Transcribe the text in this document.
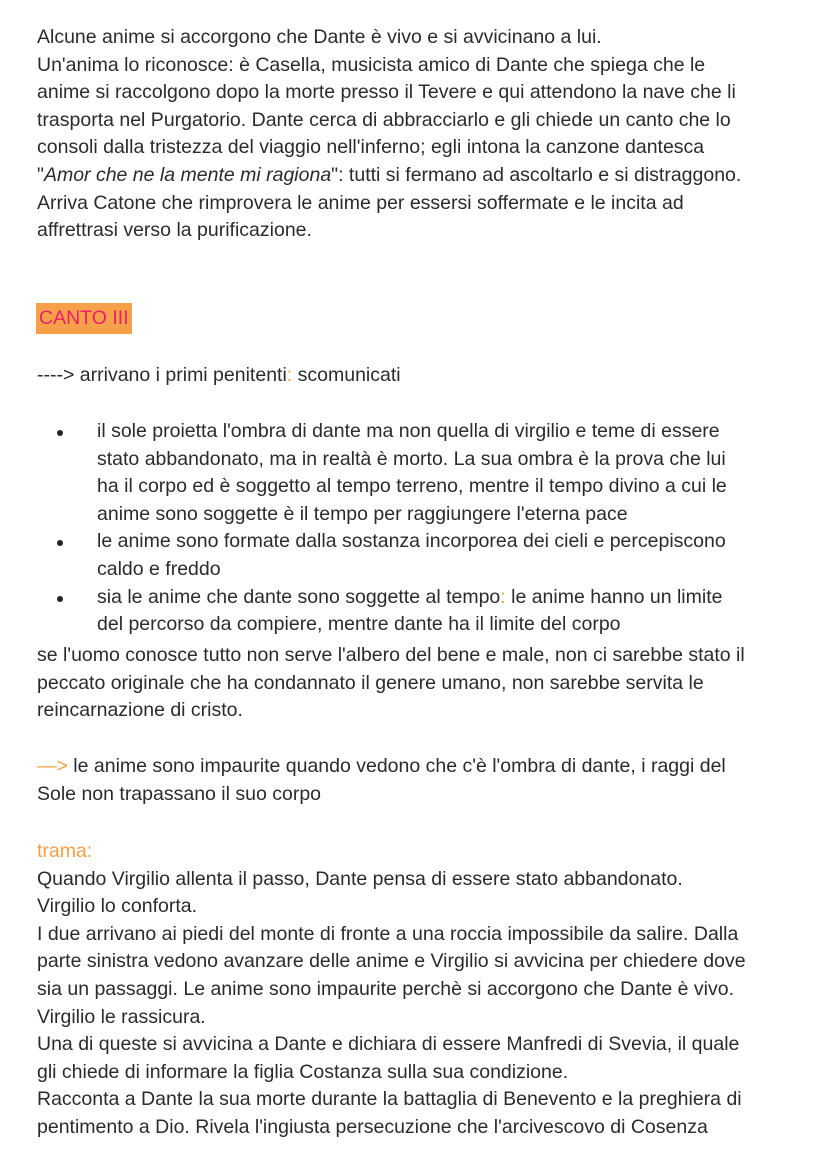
Alcune anime si accorgono che Dante è vivo e si avvicinano a lui.
Un'anima lo riconosce: è Casella, musicista amico di Dante che spiega che le
anime si raccolgono dopo la morte presso il Tevere e qui attendono la nave che li
trasporta nel Purgatorio. Dante cerca di abbracciarlo e gli chiede un canto che lo
consoli dalla tristezza del viaggio nell'inferno; egli intona la canzone dantesca
"Amor che ne la mente mi ragiona": tutti si fermano ad ascoltarlo e si distraggono.
Arriva Catone che rimprovera le anime per essersi soffermate e le incita ad
affrettrasi verso la purificazione.
CANTO III
----> arrivano i primi penitenti: scomunicati
il sole proietta l'ombra di dante ma non quella di virgilio e teme di essere
stato abbandonato, ma in realtà è morto. La sua ombra è la prova che lui
ha il corpo ed è soggetto al tempo terreno, mentre il tempo divino a cui le
anime sono soggette è il tempo per raggiungere l'eterna pace
le anime sono formate dalla sostanza incorporea dei cieli e percepiscono
caldo e freddo
sia le anime che dante sono soggette al tempo: le anime hanno un limite
del percorso da compiere, mentre dante ha il limite del corpo
se l'uomo conosce tutto non serve l'albero del bene e male, non ci sarebbe stato il
peccato originale che ha condannato il genere umano, non sarebbe servita le
reincarnazione di cristo.
—> le anime sono impaurite quando vedono che c'è l'ombra di dante, i raggi del
Sole non trapassano il suo corpo
trama:
Quando Virgilio allenta il passo, Dante pensa di essere stato abbandonato.
Virgilio lo conforta.
I due arrivano ai piedi del monte di fronte a una roccia impossibile da salire. Dalla
parte sinistra vedono avanzare delle anime e Virgilio si avvicina per chiedere dove
sia un passaggi. Le anime sono impaurite perchè si accorgono che Dante è vivo.
Virgilio le rassicura.
Una di queste si avvicina a Dante e dichiara di essere Manfredi di Svevia, il quale
gli chiede di informare la figlia Costanza sulla sua condizione.
Racconta a Dante la sua morte durante la battaglia di Benevento e la preghiera di
pentimento a Dio. Rivela l'ingiusta persecuzione che l'arcivescovo di Cosenza
